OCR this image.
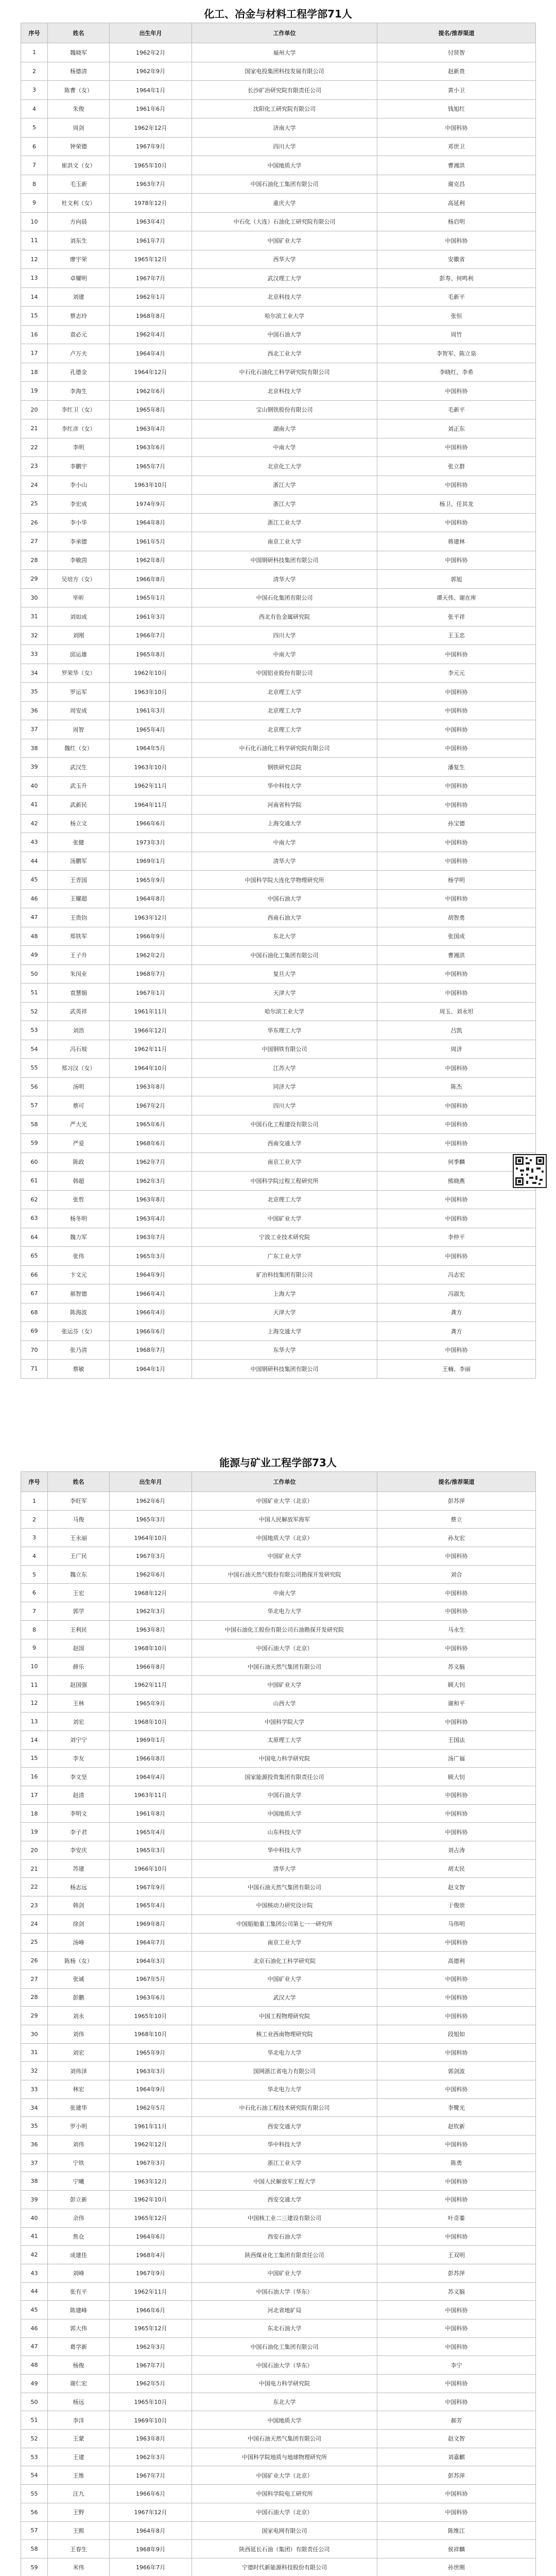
化工、冶金与材料工程学部71人
序号	姓名	出生年月	工作单位	提名/推荐渠道
1	魏晓军	1962年2月	福州大学	付贤智
2	杨德清	1962年9月	国家电投集团科技发展有限公司	赵新贵
3	陈曹（女）	1964年1月	长沙矿冶研究院有限责任公司	黄小卫
4	朱俊	1961年6月	沈阳化工研究院有限公司	钱旭红
5	周剑	1962年12月	济南大学	中国科协
6	钟荣德	1967年9月	四川大学	邓世卫
7	崔洪文（女）	1965年10月	中国地质大学	曹湘洪
8	毛玉新	1963年7月	中国石油化工集团有限公司	谢克昌
9	杜文利（女）	1978年12月	重庆大学	高延利
10	方向晨	1963年4月	中石化（大连）石油化工研究院有限公司	杨启明
11	刘东生	1961年7月	中国矿业大学	中国科协
12	廖宇荣	1965年12月	西华大学	安徽省
13	卓耀明	1967年7月	武汉理工大学	彭寿、何鸣利
14	刘建	1962年1月	北京科技大学	毛新平
15	蔡志玲	1968年8月	哈尔滨工业大学	张恒
16	袁必元	1962年4月	中国石油大学	周竹
17	卢万夫	1964年4月	西北工业大学	李贺军、陈立泉
18	孔德金	1964年12月	中石化石油化工科学研究院有限公司	李晓红、李希
19	李海生	1962年6月	北京科技大学	中国科协
20	李红卫（女）	1965年8月	宝山钢铁股份有限公司	毛新平
21	李红彦（女）	1963年4月	湖南大学	刘正东
22	李明	1963年6月	中南大学	中国科协
23	李鹏宇	1965年7月	北京化工大学	张立群
24	李小山	1963年10月	浙江大学	中国科协
25	李宏成	1974年9月	浙江大学	杨卫、任其龙
26	李小华	1964年8月	浙江工业大学	中国科协
27	李承德	1961年5月	南京工业大学	蒋建林
28	李敏茵	1962年8月	中国钢研科技集团有限公司	中国科协
29	吴培方（女）	1966年8月	清华大学	郭旭
30	毕昕	1965年1月	中国石化集团有限公司	谭天伟、谢在库
31	刘如成	1961年3月	西北有色金属研究院	张平祥
32	刘刚	1966年7月	四川大学	王玉忠
33	邱运雄	1965年8月	中南大学	中国科协
34	罗荣华（女）	1962年10月	中国铝业股份有限公司	李元元
35	罗运军	1963年10月	北京理工大学	中国科协
36	周安成	1961年3月	北京理工大学	中国科协
37	周智	1965年4月	北京理工大学	中国科协
38	魏红（女）	1964年5月	中石化石油化工科学研究院有限公司	中国科协
39	武汉生	1963年10月	钢铁研究总院	潘复生
40	武玉升	1962年11月	华中科技大学	中国科协
41	武新民	1964年11月	河南省科学院	中国科协
42	杨立文	1966年6月	上海交通大学	孙宝德
43	张健	1973年3月	中南大学	中国科协
44	汤鹏军	1969年1月	清华大学	中国科协
45	王青国	1965年9月	中国科学院大连化学物理研究所	杨学明
46	王耀超	1964年8月	中国石油大学	中国科协
47	王贵钧	1963年12月	西南石油大学	胡智勇
48	郑铁军	1966年9月	东北大学	张国成
49	王子升	1962年2月	中国石油化工集团有限公司	曹湘洪
50	朱闵业	1968年7月	复旦大学	中国科协
51	袁慧娟	1967年1月	天津大学	中国科协
52	武英祥	1961年11月	哈尔滨工业大学	周玉、刘永坦
53	刘浩	1966年12月	华东理工大学	吕凯
54	冯石坡	1962年11月	中国钢铁有限公司	周济
55	郑习汉（女）	1964年10月	江苏大学	中国科协
56	汤明	1963年8月	同济大学	陈杰
57	蔡可	1967年2月	四川大学	中国科协
58	严大光	1965年6月	中国石化工程建设有限公司	中国科协
59	严爱	1968年6月	西南交通大学	中国科协
60	陈政	1962年7月	南京工业大学	何季麟
61	韩超	1962年3月	中国科学院过程工程研究所	熊晓燕
62	张哲	1963年8月	北京理工大学	中国科协
63	杨冬明	1963年4月	中国矿业大学	中国科协
64	魏力军	1963年7月	宁波工业技术研究院	李仲平
65	张伟	1965年3月	广东工业大学	中国科协
66	卞文元	1964年9月	矿冶科技集团有限公司	冯志宏
67	郝智德	1966年4月	上海大学	冯淑先
68	陈海波	1966年4月	天津大学	龚方
69	张运芬（女）	1966年6月	上海交通大学	龚方
70	张乃清	1968年7月	东华大学	中国科协
71	蔡敏	1964年1月	中国钢研科技集团有限公司	王楠、李丽
能源与矿业工程学部73人
序号	姓名	出生年月	工作单位	提名/推荐渠道
1	李旺军	1962年6月	中国矿业大学（北京）	彭苏萍
2	马俊	1965年3月	中国人民解放军海军	蔡立
3	王永丽	1964年10月	中国地质大学（北京）	孙友宏
4	王广民	1967年3月	中国矿业大学	中国科协
5	魏立东	1962年6月	中国石油天然气股份有限公司勘探开发研究院	刘合
6	王宏	1968年12月	中南大学	中国科协
7	郭学	1962年3月	华北电力大学	中国科协
8	王利民	1963年8月	中国石油化工股份有限公司石油勘探开发研究院	马永生
9	赵国	1968年10月	中国石油大学（北京）	中国科协
10	薛乐	1966年8月	中国石油天然气集团有限公司	苏义脑
11	赵国强	1962年11月	中国矿业大学	顾大钊
12	王林	1965年9月	山西大学	谢和平
13	刘宏	1968年10月	中国科学院大学	中国科协
14	刘宁宁	1969年1月	太原理工大学	王国法
15	李友	1966年8月	中国电力科学研究院	汤广福
16	李文坚	1964年4月	国家能源投资集团有限责任公司	顾大钊
17	赵清	1963年11月	中国石油大学	中国科协
18	李明文	1961年8月	中国地质大学	中国科协
19	李子君	1965年4月	山东科技大学	中国科协
20	李安庆	1965年3月	华中科技大学	刘占涛
21	苏建	1966年10月	清华大学	胡太民
22	杨志远	1967年9月	中国石油天然气集团有限公司	赵文智
23	韩剑	1965年4月	中国核动力研究设计院	于俊崇
24	徐剑	1969年8月	中国船舶重工集团公司第七一一研究所	马伟明
25	汤峰	1964年7月	南京工业大学	中国科协
26	陈杨（女）	1964年3月	北京石油化工科学研究院	高德利
27	张诚	1967年5月	中国矿业大学	中国科协
28	彭鹏	1963年6月	武汉大学	中国科协
29	刘永	1965年10月	中国工程物理研究院	中国科协
30	刘伟	1968年10月	核工业西南物理研究院	段旭如
31	刘宏	1965年9月	华北电力大学	中国科协
32	刘伟泽	1963年3月	国网浙江省电力有限公司	郭剑波
33	林宏	1964年9月	华北电力大学	中国科协
34	张建华	1962年5月	中石化石油工程技术研究院有限公司	李鹭光
35	罗小明	1961年11月	西安交通大学	赵钦新
36	刘伟	1962年12月	华中科技大学	中国科协
37	宁铁	1967年3月	浙江工业大学	陈勇
38	宁曦	1963年12月	中国人民解放军工程大学	中国科协
39	彭立新	1962年10月	西安交通大学	中国科协
40	余伟	1965年12月	中国核工业二三建设有限公司	叶奇蓁
41	焦仓	1964年6月	西安石油大学	中国科协
42	成建佳	1968年4月	陕西煤业化工集团有限责任公司	王双明
43	刘峰	1967年9月	中国矿业大学	彭苏萍
44	张有平	1962年11月	中国石油大学（华东）	苏义脑
45	陈建峰	1966年6月	河北省地矿局	中国科协
46	郭大伟	1965年12月	东北石油大学	中国科协
47	葛学新	1962年3月	中国石油化工集团有限公司	中国科协
48	杨俊	1967年7月	中国石油大学（华东）	李宁
49	谢仁宏	1962年5月	中国电力科学研究院	中国科协
50	杨远	1965年10月	东北大学	中国科协
51	李洋	1969年10月	中国地质大学	郝芳
52	王蒙	1963年8月	中国石油天然气集团有限公司	赵文智
53	王建	1962年3月	中国科学院地质与地球物理研究所	刘嘉麒
54	王维	1967年7月	中国矿业大学（北京）	彭苏萍
55	汪九	1966年6月	中国科学院电工研究所	中国科协
56	王野	1967年12月	中国石油大学（北京）	中国科协
57	王熙	1964年8月	国家电网有限公司	陈维江
58	王春生	1968年9月	陕西延长石油（集团）有限责任公司	侯祥麟
59	米伟	1966年7月	宁德时代新能源科技股份有限公司	孙世刚
